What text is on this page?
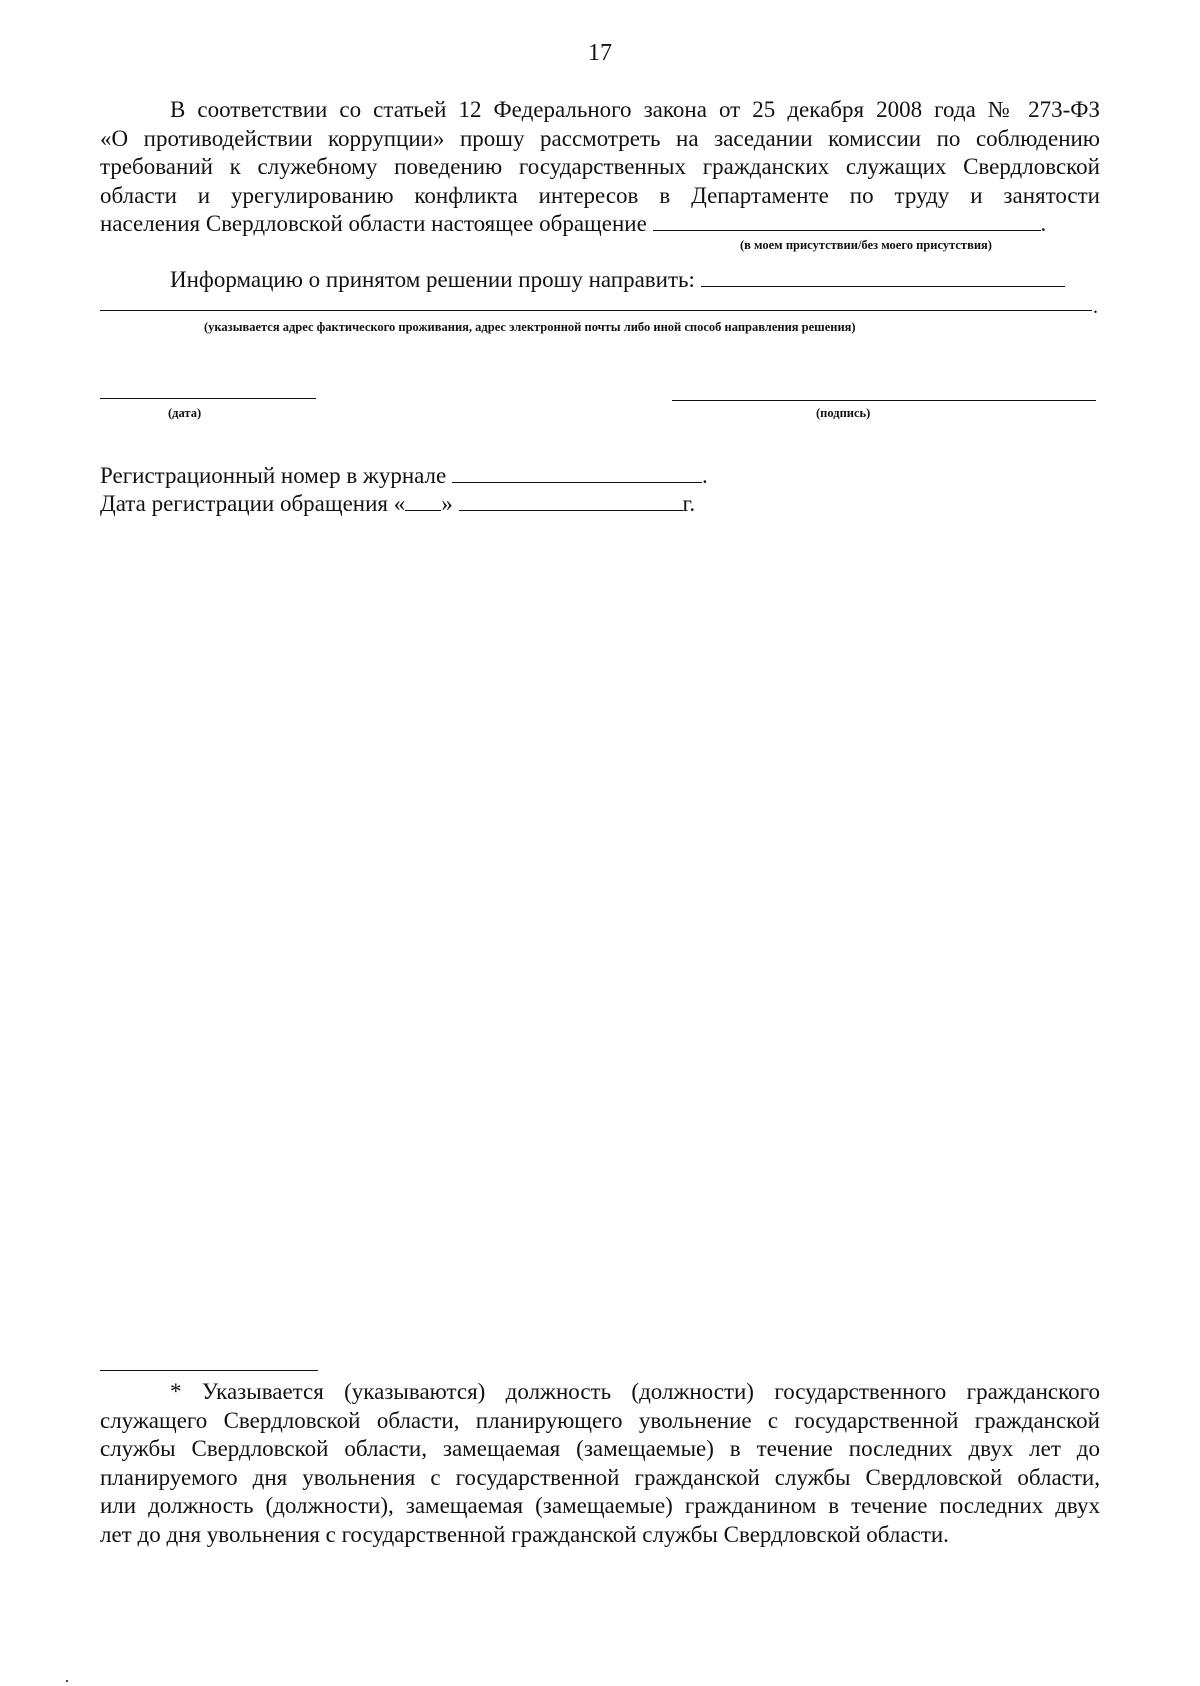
17
В соответствии со статьей 12 Федерального закона от 25 декабря 2008 года № 273-ФЗ
«О противодействии коррупции» прошу рассмотреть на заседании комиссии по соблюдению
требований к служебному поведению государственных гражданских служащих Свердловской
области и урегулированию конфликта интересов в Департаменте по труду и занятости
населения Свердловской области настоящее обращение	.
(в моем присутствии/без моего присутствия)
Информацию о принятом решении прошу направить:
.
(указывается адрес фактического проживания, адрес электронной почты либо иной способ направления решения)
(дата)	(подпись)
Регистрационный номер в журнале	.
Дата регистрации обращения « »	г.
* Указывается (указываются) должность (должности) государственного гражданского
служащего Свердловской области, планирующего увольнение с государственной гражданской
службы Свердловской области, замещаемая (замещаемые) в течение последних двух лет до
планируемого дня увольнения с государственной гражданской службы Свердловской области,
или должность (должности), замещаемая (замещаемые) гражданином в течение последних двух
лет до дня увольнения с государственной гражданской службы Свердловской области.
